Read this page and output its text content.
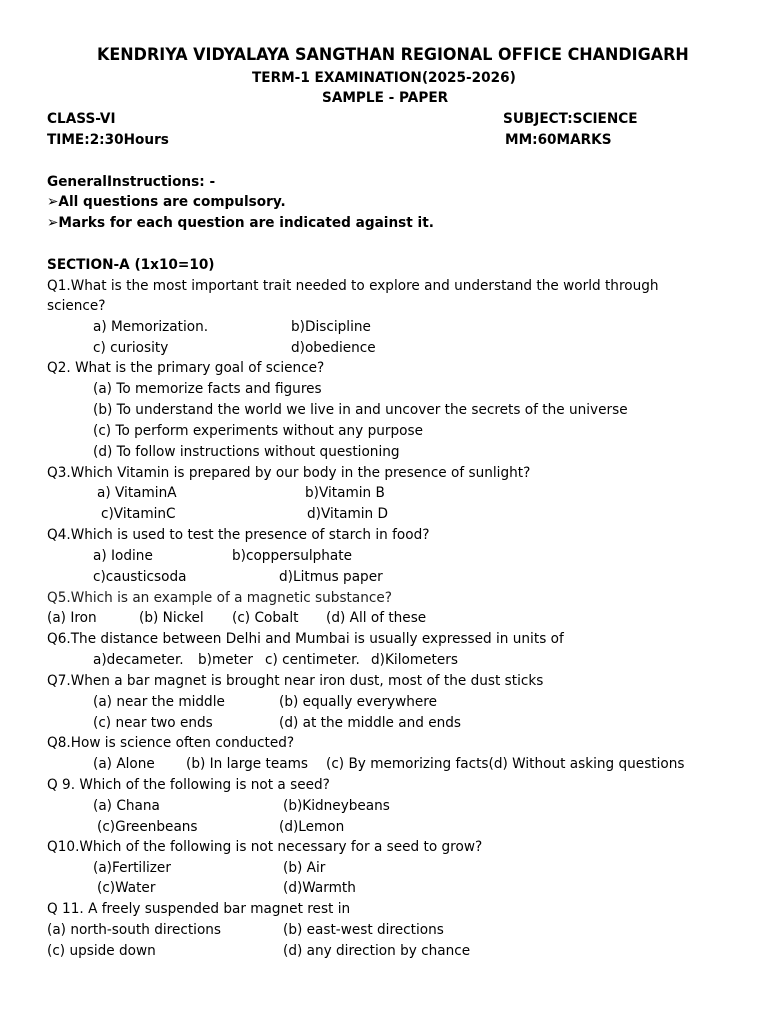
KENDRIYA VIDYALAYA SANGTHAN REGIONAL OFFICE CHANDIGARH
TERM-1 EXAMINATION(2025-2026)
SAMPLE - PAPER
CLASS-VI	SUBJECT:SCIENCE
TIME:2:30Hours	MM:60MARKS
GeneralInstructions: -
➢All questions are compulsory.
➢Marks for each question are indicated against it.
SECTION-A (1x10=10)
Q1.What is the most important trait needed to explore and understand the world through
science?
a) Memorization.	b)Discipline
c) curiosity	d)obedience
Q2. What is the primary goal of science?
(a) To memorize facts and figures
(b) To understand the world we live in and uncover the secrets of the universe
(c) To perform experiments without any purpose
(d) To follow instructions without questioning
Q3.Which Vitamin is prepared by our body in the presence of sunlight?
a) VitaminA	b)Vitamin B
c)VitaminC	d)Vitamin D
Q4.Which is used to test the presence of starch in food?
a) Iodine	b)coppersulphate
c)causticsoda	d)Litmus paper
Q5.Which is an example of a magnetic substance?
(a) Iron	(b) Nickel (c) Cobalt (d) All of these
Q6.The distance between Delhi and Mumbai is usually expressed in units of
a)decameter. b)meter c) centimeter. d)Kilometers
Q7.When a bar magnet is brought near iron dust, most of the dust sticks
(a) near the middle	(b) equally everywhere
(c) near two ends	(d) at the middle and ends
Q8.How is science often conducted?
(a) Alone (b) In large teams (c) By memorizing facts(d) Without asking questions
Q 9. Which of the following is not a seed?
(a) Chana	(b)Kidneybeans
(c)Greenbeans	(d)Lemon
Q10.Which of the following is not necessary for a seed to grow?
(a)Fertilizer	(b) Air
(c)Water	(d)Warmth
Q 11. A freely suspended bar magnet rest in
(a) north-south directions	(b) east-west directions
(c) upside down	(d) any direction by chance
